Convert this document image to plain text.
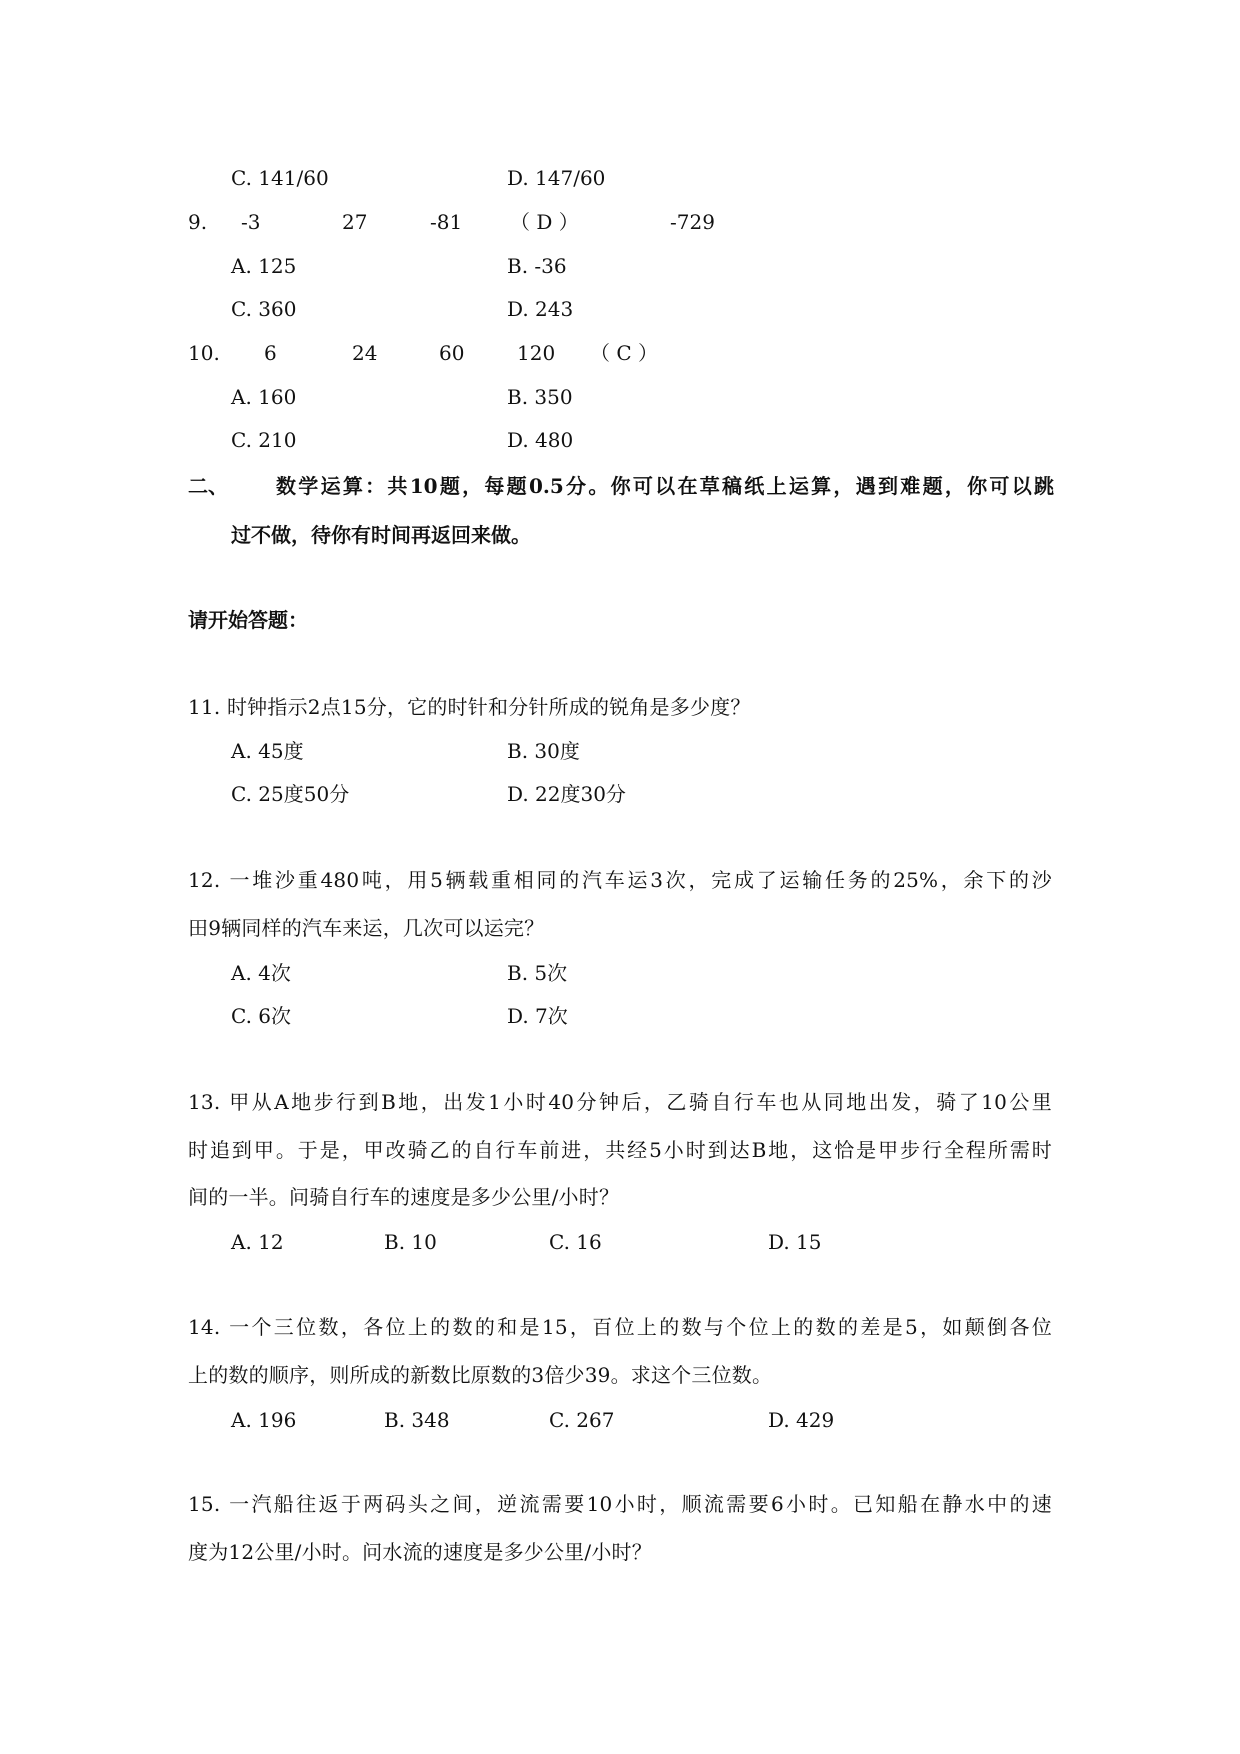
C. 141/60	D. 147/60
9. -3	27	-81 （ D ）	-729
A. 125	B. -36
C. 360	D. 243
10. 6	24	60	120 （ C ）
A. 160	B. 350
C. 210	D. 480
二、 数学运算：共10题，每题0.5分。你可以在草稿纸上运算，遇到难题，你可以跳
过不做，待你有时间再返回来做。
请开始答题：
11. 时钟指示2点15分，它的时针和分针所成的锐角是多少度？
A. 45度	B. 30度
C. 25度50分	D. 22度30分
12. 一堆沙重480吨，用5辆载重相同的汽车运3次，完成了运输任务的25%，余下的沙
田9辆同样的汽车来运，几次可以运完？
A. 4次	B. 5次
C. 6次	D. 7次
13. 甲从A地步行到B地，出发1小时40分钟后，乙骑自行车也从同地出发，骑了10公里
时追到甲。于是，甲改骑乙的自行车前进，共经5小时到达B地，这恰是甲步行全程所需时
间的一半。问骑自行车的速度是多少公里/小时？
A. 12	B. 10	C. 16	D. 15
14. 一个三位数，各位上的数的和是15，百位上的数与个位上的数的差是5，如颠倒各位
上的数的顺序，则所成的新数比原数的3倍少39。求这个三位数。
A. 196	B. 348	C. 267	D. 429
15. 一汽船往返于两码头之间，逆流需要10小时，顺流需要6小时。已知船在静水中的速
度为12公里/小时。问水流的速度是多少公里/小时？
